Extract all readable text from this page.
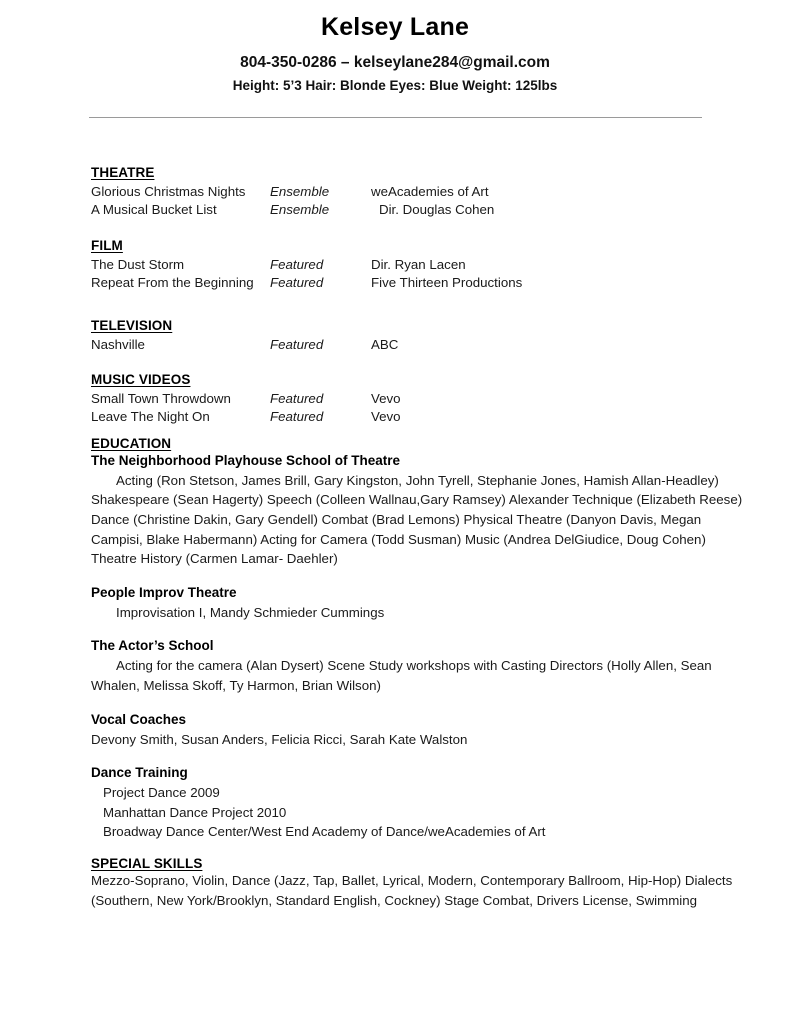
Kelsey Lane
804-350-0286 – kelseylane284@gmail.com
Height: 5’3 Hair: Blonde Eyes: Blue Weight: 125lbs
THEATRE
Glorious Christmas Nights	Ensemble	weAcademies of Art
A Musical Bucket List	Ensemble	Dir. Douglas Cohen
FILM
The Dust Storm	Featured	Dir. Ryan Lacen
Repeat From the Beginning	Featured	Five Thirteen Productions
TELEVISION
Nashville	Featured	ABC
MUSIC VIDEOS
Small Town Throwdown	Featured	Vevo
Leave The Night On	Featured	Vevo
EDUCATION
The Neighborhood Playhouse School of Theatre
Acting (Ron Stetson, James Brill, Gary Kingston, John Tyrell, Stephanie Jones, Hamish Allan-Headley) Shakespeare (Sean Hagerty) Speech (Colleen Wallnau,Gary Ramsey) Alexander Technique (Elizabeth Reese) Dance (Christine Dakin, Gary Gendell) Combat (Brad Lemons) Physical Theatre (Danyon Davis, Megan Campisi, Blake Habermann) Acting for Camera (Todd Susman) Music (Andrea DelGiudice, Doug Cohen) Theatre History (Carmen Lamar- Daehler)
People Improv Theatre
Improvisation I, Mandy Schmieder Cummings
The Actor’s School
Acting for the camera (Alan Dysert) Scene Study workshops with Casting Directors (Holly Allen, Sean Whalen, Melissa Skoff, Ty Harmon, Brian Wilson)
Vocal Coaches
Devony Smith, Susan Anders, Felicia Ricci, Sarah Kate Walston
Dance Training
Project Dance 2009
Manhattan Dance Project 2010
Broadway Dance Center/West End Academy of Dance/weAcademies of Art
SPECIAL SKILLS
Mezzo-Soprano, Violin, Dance (Jazz, Tap, Ballet, Lyrical, Modern, Contemporary Ballroom, Hip-Hop) Dialects (Southern, New York/Brooklyn, Standard English, Cockney) Stage Combat, Drivers License, Swimming
